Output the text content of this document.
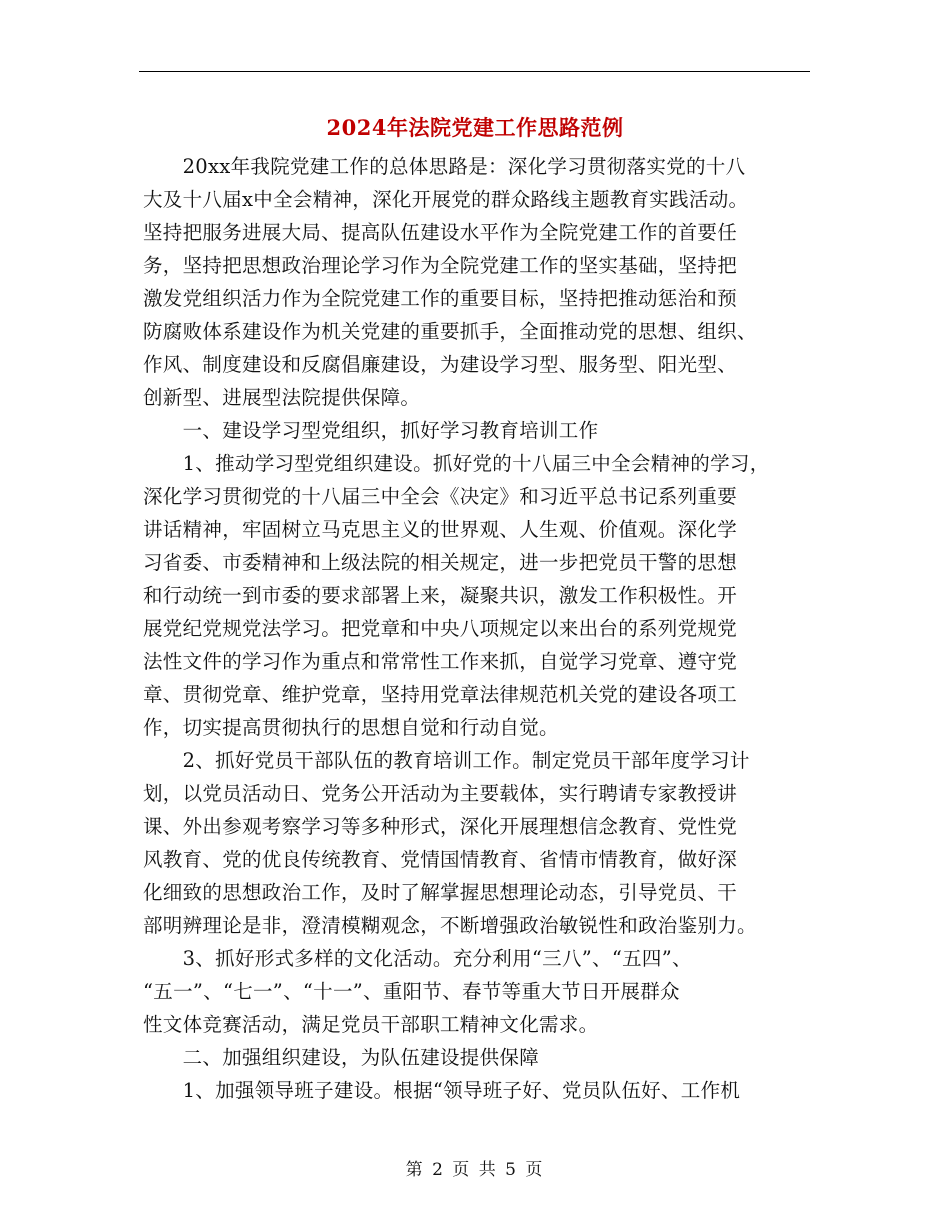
2024年法院党建工作思路范例
　　20xx年我院党建工作的总体思路是：深化学习贯彻落实党的十八
大及十八届x中全会精神，深化开展党的群众路线主题教育实践活动。
坚持把服务进展大局、提高队伍建设水平作为全院党建工作的首要任
务，坚持把思想政治理论学习作为全院党建工作的坚实基础，坚持把
激发党组织活力作为全院党建工作的重要目标，坚持把推动惩治和预
防腐败体系建设作为机关党建的重要抓手，全面推动党的思想、组织、
作风、制度建设和反腐倡廉建设，为建设学习型、服务型、阳光型、
创新型、进展型法院提供保障。
　　一、建设学习型党组织，抓好学习教育培训工作
　　1、推动学习型党组织建设。抓好党的十八届三中全会精神的学习，
深化学习贯彻党的十八届三中全会《决定》和习近平总书记系列重要
讲话精神，牢固树立马克思主义的世界观、人生观、价值观。深化学
习省委、市委精神和上级法院的相关规定，进一步把党员干警的思想
和行动统一到市委的要求部署上来，凝聚共识，激发工作积极性。开
展党纪党规党法学习。把党章和中央八项规定以来出台的系列党规党
法性文件的学习作为重点和常常性工作来抓，自觉学习党章、遵守党
章、贯彻党章、维护党章，坚持用党章法律规范机关党的建设各项工
作，切实提高贯彻执行的思想自觉和行动自觉。
　　2、抓好党员干部队伍的教育培训工作。制定党员干部年度学习计
划，以党员活动日、党务公开活动为主要载体，实行聘请专家教授讲
课、外出参观考察学习等多种形式，深化开展理想信念教育、党性党
风教育、党的优良传统教育、党情国情教育、省情市情教育，做好深
化细致的思想政治工作，及时了解掌握思想理论动态，引导党员、干
部明辨理论是非，澄清模糊观念，不断增强政治敏锐性和政治鉴别力。
　　3、抓好形式多样的文化活动。充分利用“三八”、“五四”、
“五一”、“七一”、“十一”、重阳节、春节等重大节日开展群众
性文体竞赛活动，满足党员干部职工精神文化需求。
　　二、加强组织建设，为队伍建设提供保障
　　1、加强领导班子建设。根据“领导班子好、党员队伍好、工作机
第 2 页 共 5 页
